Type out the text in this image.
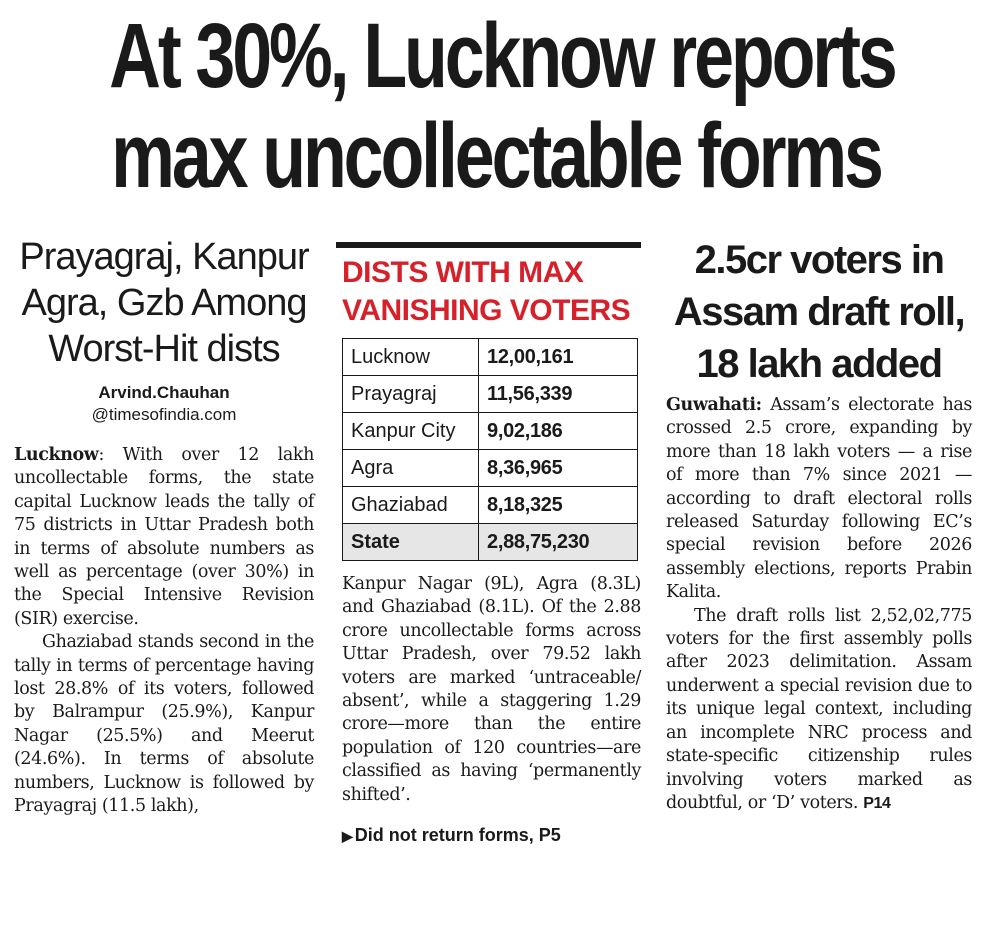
At 30%, Lucknow reports
max uncollectable forms
Prayagraj, Kanpur
Agra, Gzb Among
Worst-Hit dists
Arvind.Chauhan
@timesofindia.com

Lucknow: With over 12 lakh uncollectable forms, the state capital Lucknow leads the tally of 75 districts in Uttar Pradesh both in terms of absolute numbers as well as percentage (over 30%) in the Special Intensive Revision (SIR) exercise.

Ghaziabad stands second in the tally in terms of percentage having lost 28.8% of its voters, followed by Balrampur (25.9%), Kanpur Nagar (25.5%) and Meerut (24.6%). In terms of absolute numbers, Lucknow is followed by Prayagraj (11.5 lakh),

DISTS WITH MAX
VANISHING VOTERS
Lucknow	12,00,161
Prayagraj	11,56,339
Kanpur City	9,02,186
Agra	8,36,965
Ghaziabad	8,18,325
State	2,88,75,230

Kanpur Nagar (9L), Agra (8.3L) and Ghaziabad (8.1L). Of the 2.88 crore uncollectable forms across Uttar Pradesh, over 79.52 lakh voters are marked ‘untraceable/ absent’, while a staggering 1.29 crore—more than the entire population of 120 countries—are classified as having ‘permanently shifted’.

▶ Did not return forms, P5
2.5cr voters in
Assam draft roll,
18 lakh added

Guwahati: Assam’s electorate has crossed 2.5 crore, expanding by more than 18 lakh voters — a rise of more than 7% since 2021 — according to draft electoral rolls released Saturday following EC’s special revision before 2026 assembly elections, reports Prabin Kalita.

The draft rolls list 2,52,02,775 voters for the first assembly polls after 2023 delimitation. Assam underwent a special revision due to its unique legal context, including an incomplete NRC process and state-specific citizenship rules involving voters marked as doubtful, or ‘D’ voters. P14
